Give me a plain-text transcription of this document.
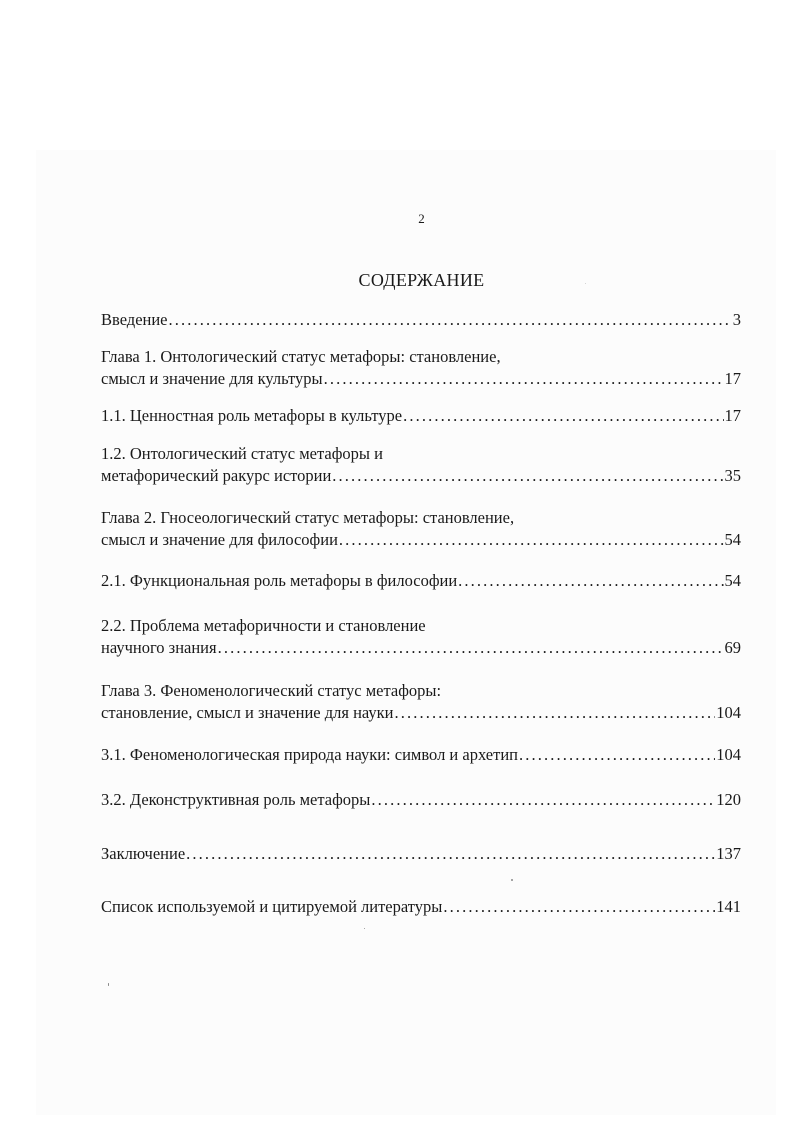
2
СОДЕРЖАНИЕ
Введение . . .	3
Глава 1. Онтологический статус метафоры: становление,
смысл и значение для культуры . . .	17
1.1. Ценностная роль метафоры в культуре . . .	17
1.2. Онтологический статус метафоры и
метафорический ракурс истории . . .	35
Глава 2. Гносеологический статус метафоры: становление,
смысл и значение для философии . . .	54
2.1. Функциональная роль метафоры в философии . . .	54
2.2. Проблема метафоричности и становление
научного знания . . .	69
Глава 3. Феноменологический статус метафоры:
становление, смысл и значение для науки . . .	104
3.1. Феноменологическая природа науки: символ и архетип . . .	104
3.2. Деконструктивная роль метафоры . . .	120
Заключение . . .	137
Список используемой и цитируемой литературы . . .	141
